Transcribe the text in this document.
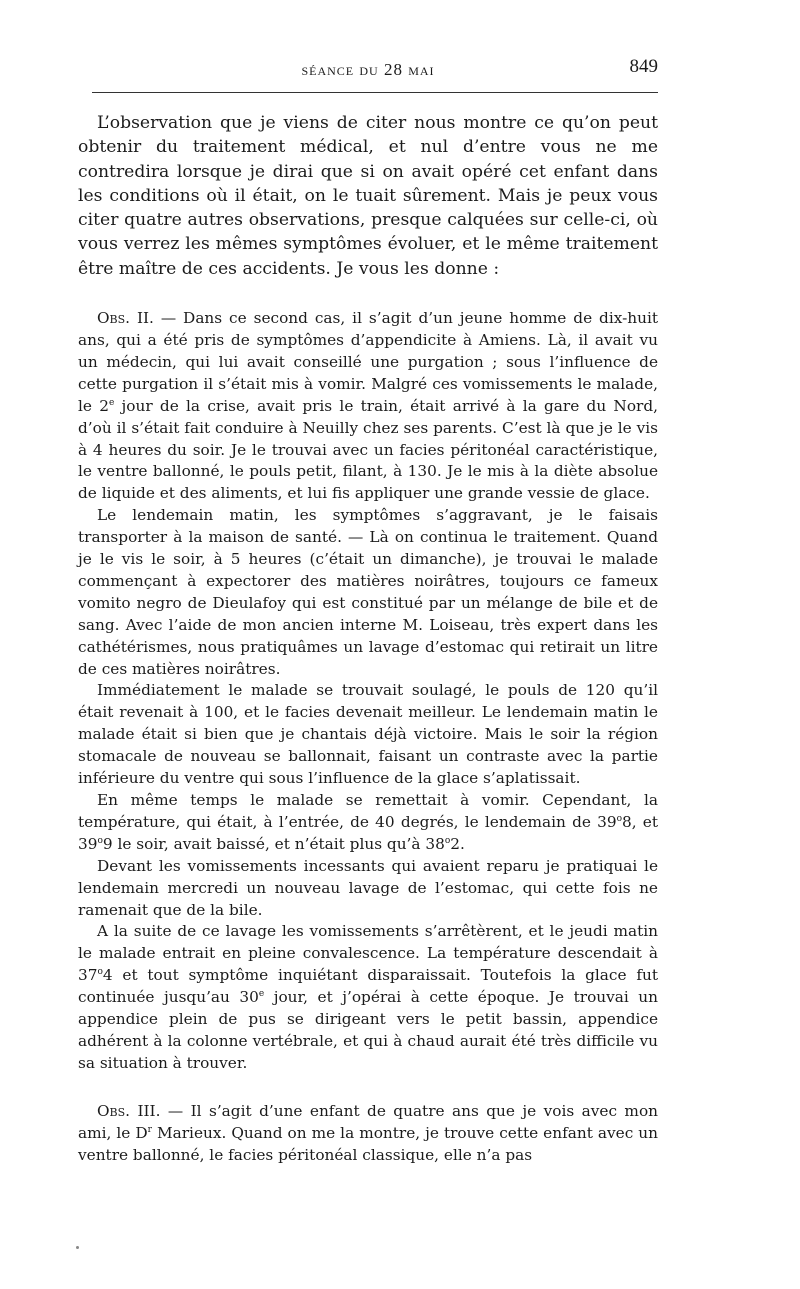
séance du 28 mai	849

L’observation que je viens de citer nous montre ce qu’on peut obtenir du traitement médical, et nul d’entre vous ne me contredira lorsque je dirai que si on avait opéré cet enfant dans les conditions où il était, on le tuait sûrement. Mais je peux vous citer quatre autres observations, presque calquées sur celle-ci, où vous verrez les mêmes symptômes évoluer, et le même traitement être maître de ces accidents. Je vous les donne :

Obs. II. — Dans ce second cas, il s’agit d’un jeune homme de dix-huit ans, qui a été pris de symptômes d’appendicite à Amiens. Là, il avait vu un médecin, qui lui avait conseillé une purgation ; sous l’influence de cette purgation il s’était mis à vomir. Malgré ces vomissements le malade, le 2e jour de la crise, avait pris le train, était arrivé à la gare du Nord, d’où il s’était fait conduire à Neuilly chez ses parents. C’est là que je le vis à 4 heures du soir. Je le trouvai avec un facies péritonéal caractéristique, le ventre ballonné, le pouls petit, filant, à 130. Je le mis à la diète absolue de liquide et des aliments, et lui fis appliquer une grande vessie de glace.

Le lendemain matin, les symptômes s’aggravant, je le faisais transporter à la maison de santé. — Là on continua le traitement. Quand je le vis le soir, à 5 heures (c’était un dimanche), je trouvai le malade commençant à expectorer des matières noirâtres, toujours ce fameux vomito negro de Dieulafoy qui est constitué par un mélange de bile et de sang. Avec l’aide de mon ancien interne M. Loiseau, très expert dans les cathétérismes, nous pratiquâmes un lavage d’estomac qui retirait un litre de ces matières noirâtres.

Immédiatement le malade se trouvait soulagé, le pouls de 120 qu’il était revenait à 100, et le facies devenait meilleur. Le lendemain matin le malade était si bien que je chantais déjà victoire. Mais le soir la région stomacale de nouveau se ballonnait, faisant un contraste avec la partie inférieure du ventre qui sous l’influence de la glace s’aplatissait.

En même temps le malade se remettait à vomir. Cependant, la température, qui était, à l’entrée, de 40 degrés, le lendemain de 39$^o$8, et 39$^o$9 le soir, avait baissé, et n’était plus qu’à 38$^o$2.

Devant les vomissements incessants qui avaient reparu je pratiquai le lendemain mercredi un nouveau lavage de l’estomac, qui cette fois ne ramenait que de la bile.

A la suite de ce lavage les vomissements s’arrêtèrent, et le jeudi matin le malade entrait en pleine convalescence. La température descendait à 37$^o$4 et tout symptôme inquiétant disparaissait. Toutefois la glace fut continuée jusqu’au 30e jour, et j’opérai à cette époque. Je trouvai un appendice plein de pus se dirigeant vers le petit bassin, appendice adhérent à la colonne vertébrale, et qui à chaud aurait été très difficile vu sa situation à trouver.

Obs. III. — Il s’agit d’une enfant de quatre ans que je vois avec mon ami, le $D^r$ Marieux. Quand on me la montre, je trouve cette enfant avec un ventre ballonné, le facies péritonéal classique, elle n’a pas
